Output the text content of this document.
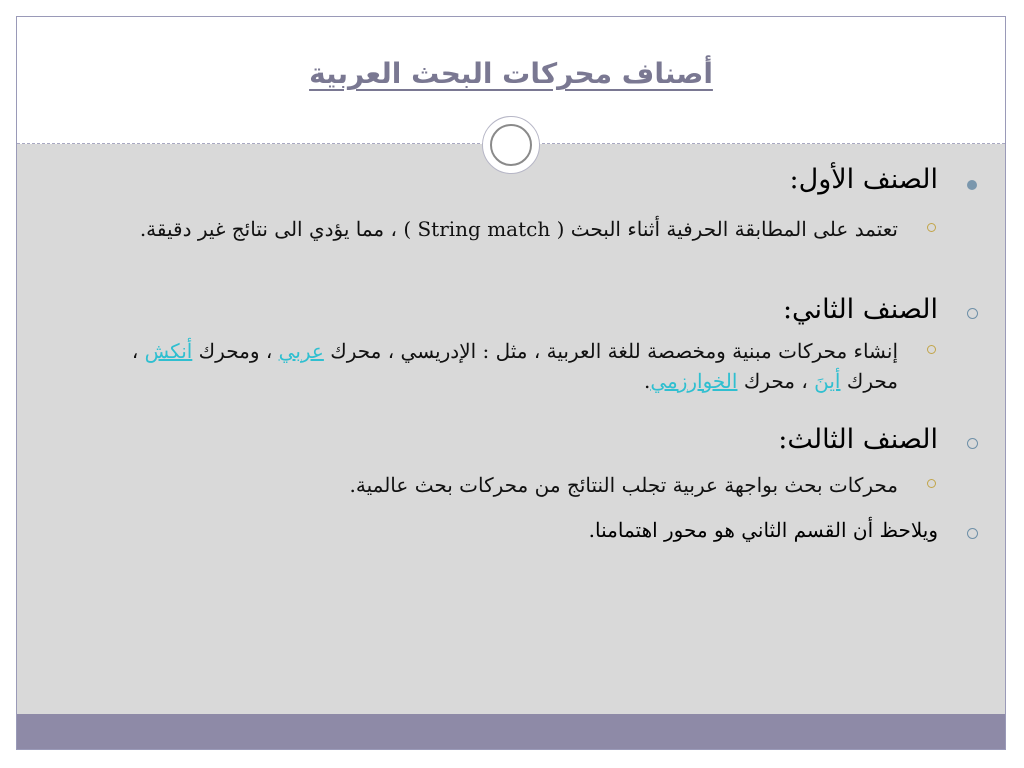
أصناف محركات البحث العربية
الصنف الأول:
تعتمد على المطابقة الحرفية أثناء البحث ( String match ) ، مما يؤدي الى نتائج غير دقيقة.
الصنف الثاني:
إنشاء محركات مبنية ومخصصة للغة العربية ، مثل : الإدريسي ، محرك عربي ، ومحرك أنكش ، محرك أينَ ، محرك الخوارزمي.
الصنف الثالث:
محركات بحث بواجهة عربية تجلب النتائج من محركات بحث عالمية.
ويلاحظ أن القسم الثاني هو محور اهتمامنا.
